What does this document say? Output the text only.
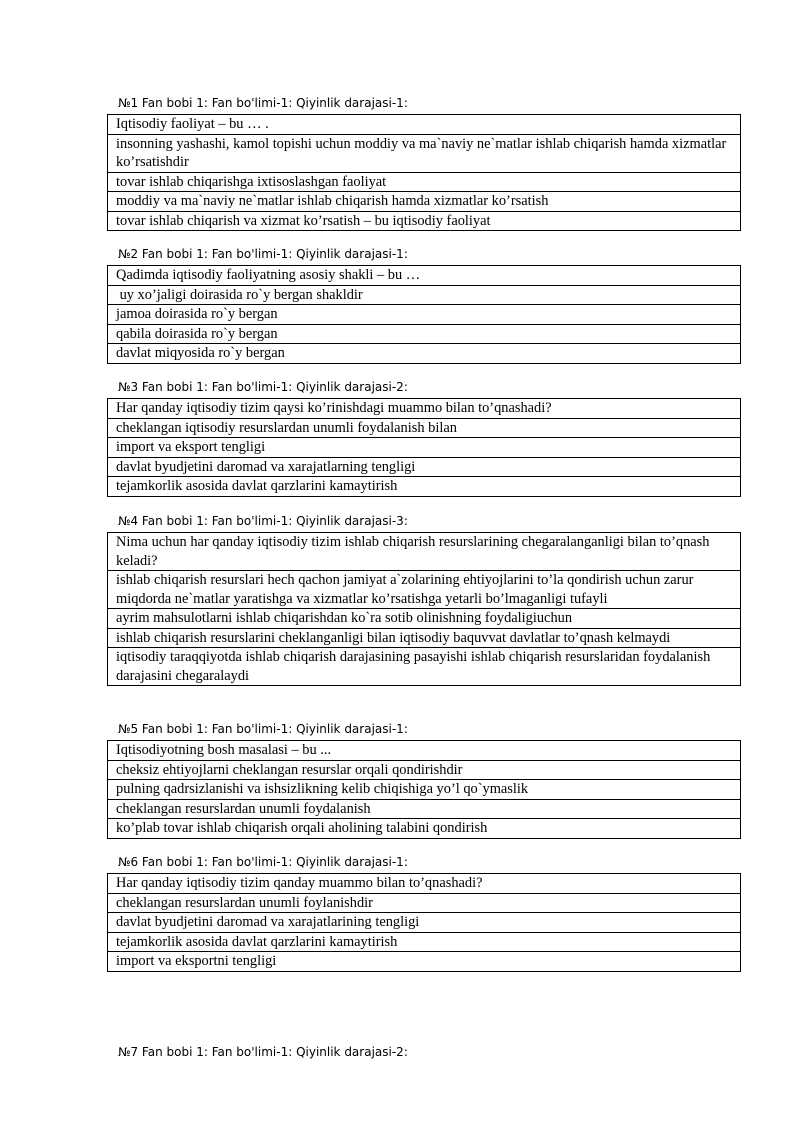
№1 Fan bobi 1: Fan bo'limi-1: Qiyinlik darajasi-1:
Iqtisodiy faoliyat – bu … .
insonning yashashi, kamol topishi uchun moddiy va ma`naviy ne`matlar ishlab chiqarish hamda xizmatlar ko’rsatishdir
tovar ishlab chiqarishga ixtisoslashgan faoliyat
moddiy va ma`naviy ne`matlar ishlab chiqarish hamda xizmatlar ko’rsatish
tovar ishlab chiqarish va xizmat ko’rsatish – bu iqtisodiy faoliyat
№2 Fan bobi 1: Fan bo'limi-1: Qiyinlik darajasi-1:
Qadimda iqtisodiy faoliyatning asosiy shakli – bu …
uy xo’jaligi doirasida ro`y bergan shakldir
jamoa doirasida ro`y bergan
qabila doirasida ro`y bergan
davlat miqyosida ro`y bergan
№3 Fan bobi 1: Fan bo'limi-1: Qiyinlik darajasi-2:
Har qanday iqtisodiy tizim qaysi ko’rinishdagi muammo bilan to’qnashadi?
cheklangan iqtisodiy resurslardan unumli foydalanish bilan
import va eksport tengligi
davlat byudjetini daromad va xarajatlarning tengligi
tejamkorlik asosida davlat qarzlarini kamaytirish
№4 Fan bobi 1: Fan bo'limi-1: Qiyinlik darajasi-3:
Nima uchun har qanday iqtisodiy tizim ishlab chiqarish resurslarining chegaralanganligi bilan to’qnash keladi?
ishlab chiqarish resurslari hech qachon jamiyat a`zolarining ehtiyojlarini to’la qondirish uchun zarur miqdorda ne`matlar yaratishga va xizmatlar ko’rsatishga yetarli bo’lmaganligi tufayli
ayrim mahsulotlarni ishlab chiqarishdan ko`ra sotib olinishning foydaligiuchun
ishlab chiqarish resurslarini cheklanganligi bilan iqtisodiy baquvvat davlatlar to’qnash kelmaydi
iqtisodiy taraqqiyotda ishlab chiqarish darajasining pasayishi ishlab chiqarish resurslaridan foydalanish darajasini chegaralaydi
№5 Fan bobi 1: Fan bo'limi-1: Qiyinlik darajasi-1:
Iqtisodiyotning bosh masalasi – bu ...
cheksiz ehtiyojlarni cheklangan resurslar orqali qondirishdir
pulning qadrsizlanishi va ishsizlikning kelib chiqishiga yo’l qo`ymaslik
cheklangan resurslardan unumli foydalanish
ko’plab tovar ishlab chiqarish orqali aholining talabini qondirish
№6 Fan bobi 1: Fan bo'limi-1: Qiyinlik darajasi-1:
Har qanday iqtisodiy tizim qanday muammo bilan to’qnashadi?
cheklangan resurslardan unumli foylanishdir
davlat byudjetini daromad va xarajatlarining tengligi
tejamkorlik asosida davlat qarzlarini kamaytirish
import va eksportni tengligi
№7 Fan bobi 1: Fan bo'limi-1: Qiyinlik darajasi-2:
